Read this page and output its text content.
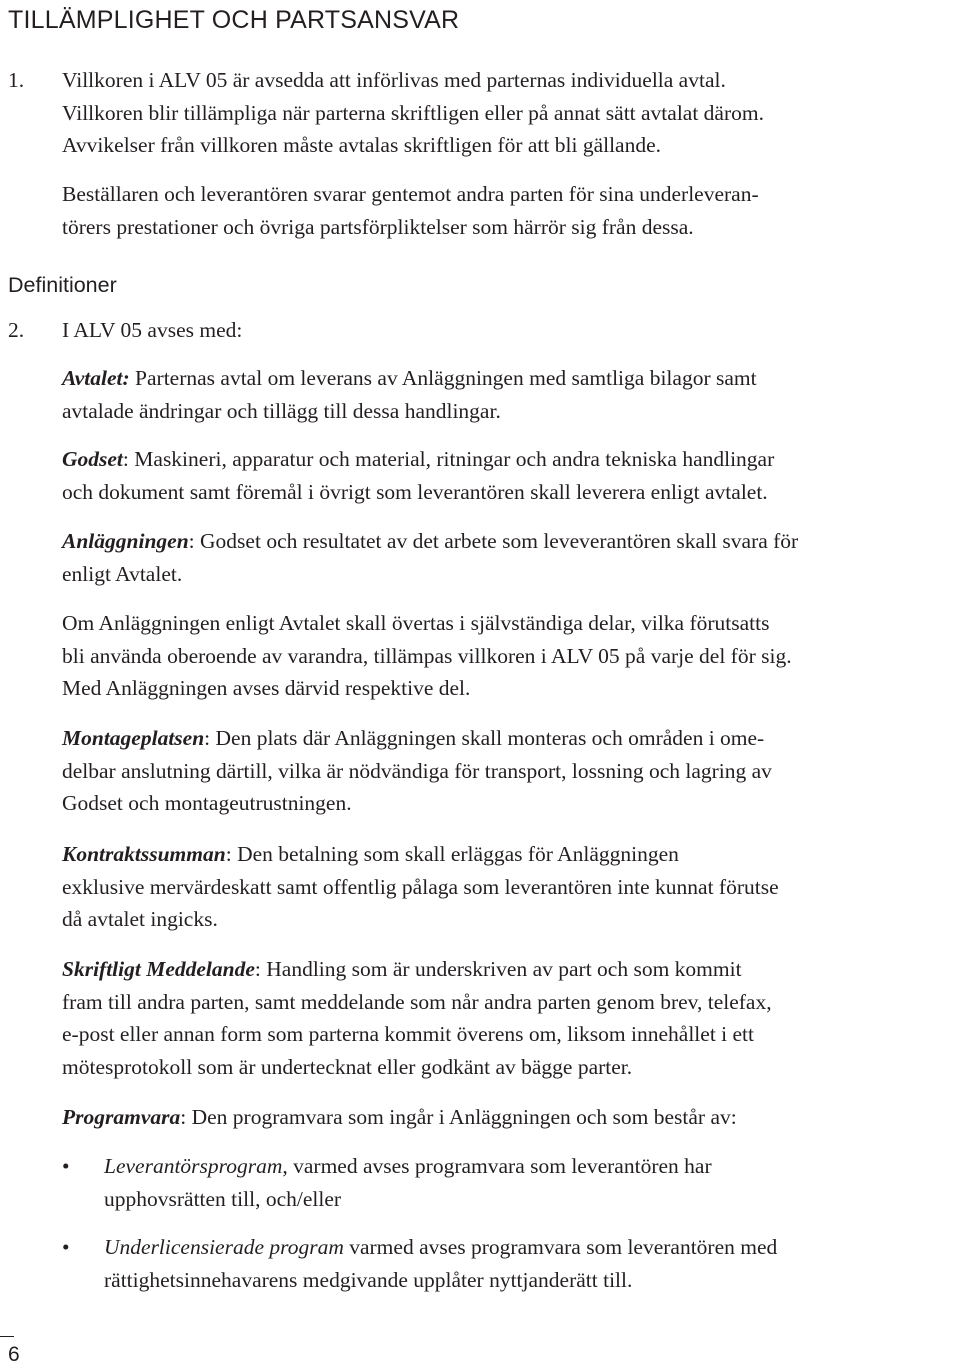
TILLÄMPLIGHET OCH PARTSANSVAR
1. Villkoren i ALV 05 är avsedda att införlivas med parternas individuella avtal.
Villkoren blir tillämpliga när parterna skriftligen eller på annat sätt avtalat därom.
Avvikelser från villkoren måste avtalas skriftligen för att bli gällande.

Beställaren och leverantören svarar gentemot andra parten för sina underleveran-
törers prestationer och övriga partsförpliktelser som härrör sig från dessa.

Definitioner
2. I ALV 05 avses med:

Avtalet: Parternas avtal om leverans av Anläggningen med samtliga bilagor samt
avtalade ändringar och tillägg till dessa handlingar.

Godset: Maskineri, apparatur och material, ritningar och andra tekniska handlingar
och dokument samt föremål i övrigt som leverantören skall leverera enligt avtalet.

Anläggningen: Godset och resultatet av det arbete som leveverantören skall svara för
enligt Avtalet.

Om Anläggningen enligt Avtalet skall övertas i självständiga delar, vilka förutsatts
bli använda oberoende av varandra, tillämpas villkoren i ALV 05 på varje del för sig.
Med Anläggningen avses därvid respektive del.

Montageplatsen: Den plats där Anläggningen skall monteras och områden i ome-
delbar anslutning därtill, vilka är nödvändiga för transport, lossning och lagring av
Godset och montageutrustningen.

Kontraktssumman: Den betalning som skall erläggas för Anläggningen
exklusive mervärdeskatt samt offentlig pålaga som leverantören inte kunnat förutse
då avtalet ingicks.

Skriftligt Meddelande: Handling som är underskriven av part och som kommit
fram till andra parten, samt meddelande som når andra parten genom brev, telefax,
e-post eller annan form som parterna kommit överens om, liksom innehållet i ett
mötesprotokoll som är undertecknat eller godkänt av bägge parter.

Programvara: Den programvara som ingår i Anläggningen och som består av:

• Leverantörsprogram, varmed avses programvara som leverantören har
upphovsrätten till, och/eller

• Underlicensierade program varmed avses programvara som leverantören med
rättighetsinnehavarens medgivande upplåter nyttjanderätt till.

6
